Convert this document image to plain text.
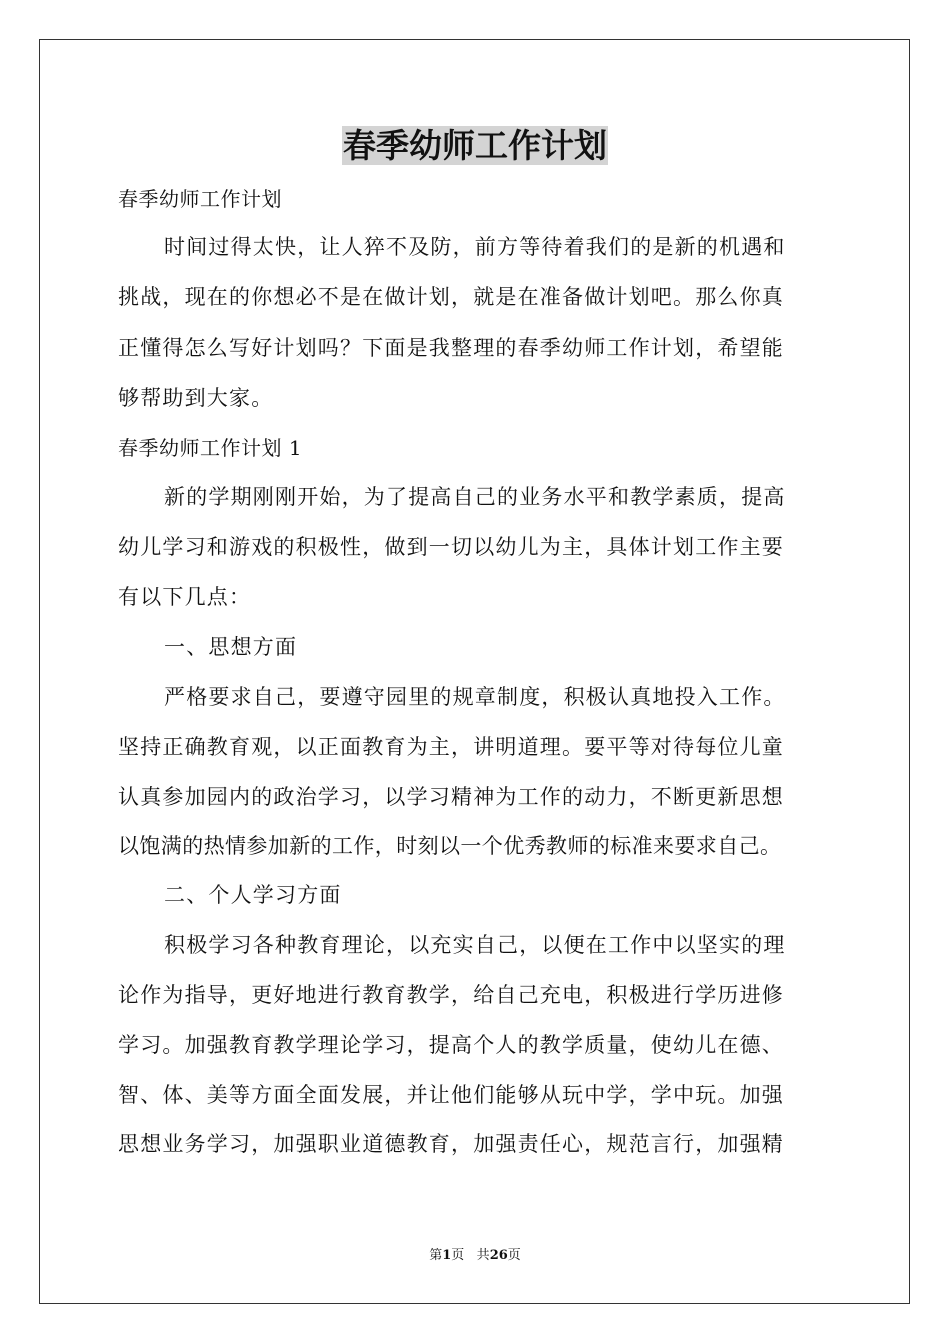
春季幼师工作计划
春季幼师工作计划
时间过得太快，让人猝不及防，前方等待着我们的是新的机遇和
挑战，现在的你想必不是在做计划，就是在准备做计划吧。那么你真
正懂得怎么写好计划吗？下面是我整理的春季幼师工作计划，希望能
够帮助到大家。
春季幼师工作计划 1
新的学期刚刚开始，为了提高自己的业务水平和教学素质，提高
幼儿学习和游戏的积极性，做到一切以幼儿为主，具体计划工作主要
有以下几点：
一、思想方面
严格要求自己，要遵守园里的规章制度，积极认真地投入工作。
坚持正确教育观，以正面教育为主，讲明道理。要平等对待每位儿童
认真参加园内的政治学习，以学习精神为工作的动力，不断更新思想
以饱满的热情参加新的工作，时刻以一个优秀教师的标准来要求自己。
二、个人学习方面
积极学习各种教育理论，以充实自己，以便在工作中以坚实的理
论作为指导，更好地进行教育教学，给自己充电，积极进行学历进修
学习。加强教育教学理论学习，提高个人的教学质量，使幼儿在德、
智、体、美等方面全面发展，并让他们能够从玩中学，学中玩。加强
思想业务学习，加强职业道德教育，加强责任心，规范言行，加强精
第1页 共26页
